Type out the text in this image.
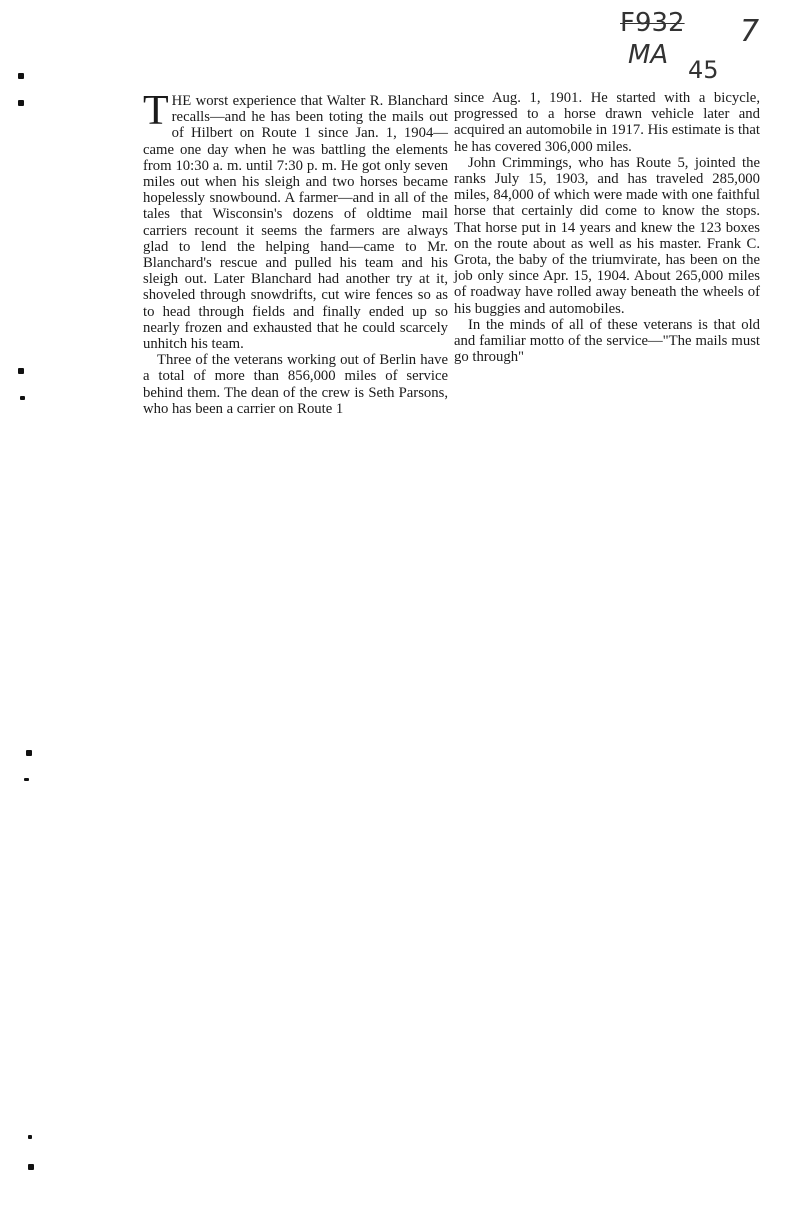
F932 7
MA 45

THE worst experience that Walter R. Blanchard recalls—and he has been toting the mails out of Hilbert on Route 1 since Jan. 1, 1904—came one day when he was battling the elements from 10:30 a. m. until 7:30 p. m. He got only seven miles out when his sleigh and two horses became hopelessly snowbound. A farmer—and in all of the tales that Wisconsin's dozens of oldtime mail carriers recount it seems the farmers are always glad to lend the helping hand—came to Mr. Blanchard's rescue and pulled his team and his sleigh out. Later Blanchard had another try at it, shoveled through snowdrifts, cut wire fences so as to head through fields and finally ended up so nearly frozen and exhausted that he could scarcely unhitch his team.

Three of the veterans working out of Berlin have a total of more than 856,000 miles of service behind them. The dean of the crew is Seth Parsons, who has been a carrier on Route 1

since Aug. 1, 1901. He started with a bicycle, progressed to a horse drawn vehicle later and acquired an automobile in 1917. His estimate is that he has covered 306,000 miles.

John Crimmings, who has Route 5, jointed the ranks July 15, 1903, and has traveled 285,000 miles, 84,000 of which were made with one faithful horse that certainly did come to know the stops. That horse put in 14 years and knew the 123 boxes on the route about as well as his master. Frank C. Grota, the baby of the triumvirate, has been on the job only since Apr. 15, 1904. About 265,000 miles of roadway have rolled away beneath the wheels of his buggies and automobiles.

In the minds of all of these veterans is that old and familiar motto of the service—"The mails must go through"
